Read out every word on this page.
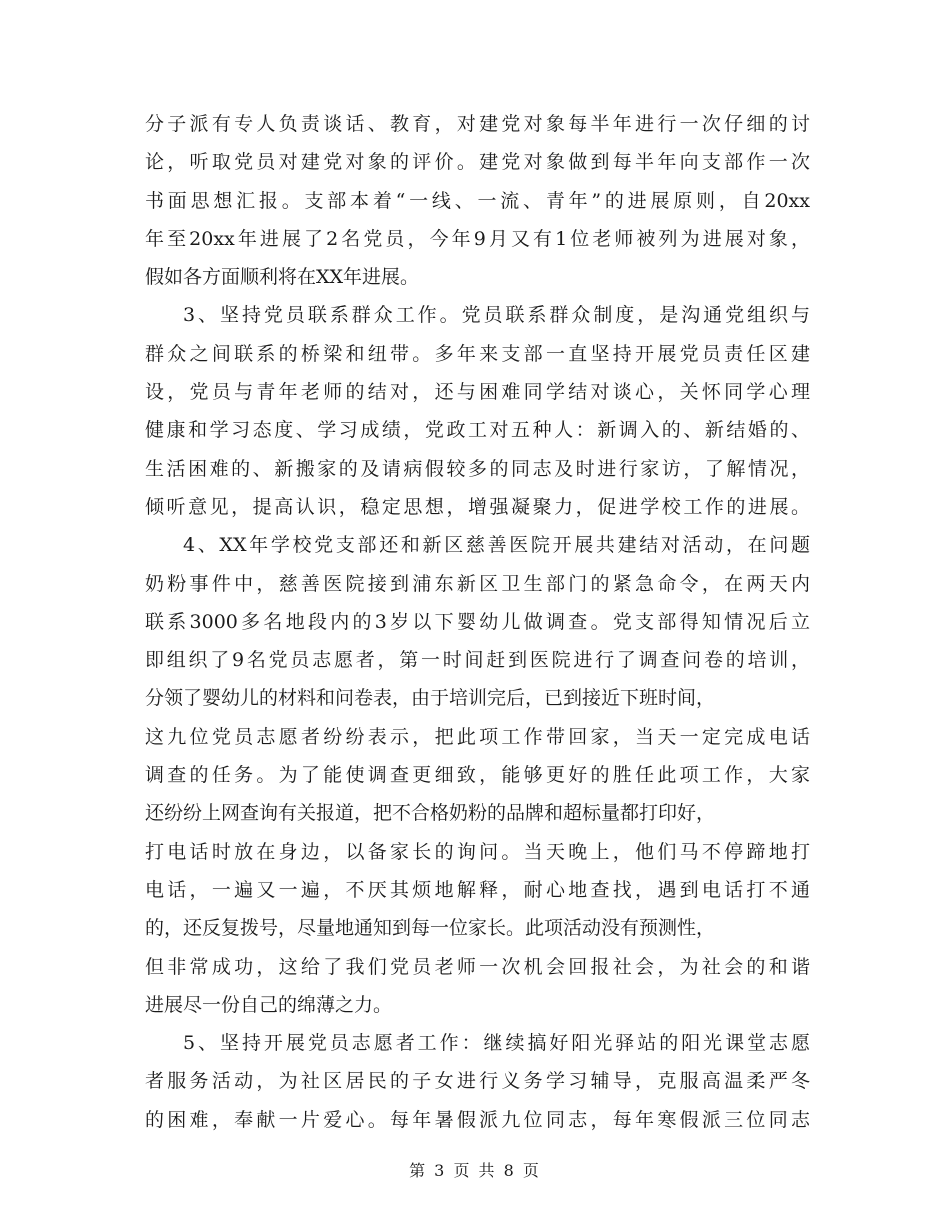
分子派有专人负责谈话、教育，对建党对象每半年进行一次仔细的讨
论，听取党员对建党对象的评价。建党对象做到每半年向支部作一次
书面思想汇报。支部本着“一线、一流、青年”的进展原则，自20xx
年至20xx年进展了2名党员，今年9月又有1位老师被列为进展对象，
假如各方面顺利将在XX年进展。
3、坚持党员联系群众工作。党员联系群众制度，是沟通党组织与
群众之间联系的桥梁和纽带。多年来支部一直坚持开展党员责任区建
设，党员与青年老师的结对，还与困难同学结对谈心，关怀同学心理
健康和学习态度、学习成绩，党政工对五种人：新调入的、新结婚的、
生活困难的、新搬家的及请病假较多的同志及时进行家访，了解情况，
倾听意见，提高认识，稳定思想，增强凝聚力，促进学校工作的进展。
4、XX年学校党支部还和新区慈善医院开展共建结对活动，在问题
奶粉事件中，慈善医院接到浦东新区卫生部门的紧急命令，在两天内
联系3000多名地段内的3岁以下婴幼儿做调查。党支部得知情况后立
即组织了9名党员志愿者，第一时间赶到医院进行了调查问卷的培训，
分领了婴幼儿的材料和问卷表，由于培训完后，已到接近下班时间，
这九位党员志愿者纷纷表示，把此项工作带回家，当天一定完成电话
调查的任务。为了能使调查更细致，能够更好的胜任此项工作，大家
还纷纷上网查询有关报道，把不合格奶粉的品牌和超标量都打印好，
打电话时放在身边，以备家长的询问。当天晚上，他们马不停蹄地打
电话，一遍又一遍，不厌其烦地解释，耐心地查找，遇到电话打不通
的，还反复拨号，尽量地通知到每一位家长。此项活动没有预测性，
但非常成功，这给了我们党员老师一次机会回报社会，为社会的和谐
进展尽一份自己的绵薄之力。
5、坚持开展党员志愿者工作：继续搞好阳光驿站的阳光课堂志愿
者服务活动，为社区居民的子女进行义务学习辅导，克服高温柔严冬
的困难，奉献一片爱心。每年暑假派九位同志，每年寒假派三位同志
第 3 页 共 8 页
